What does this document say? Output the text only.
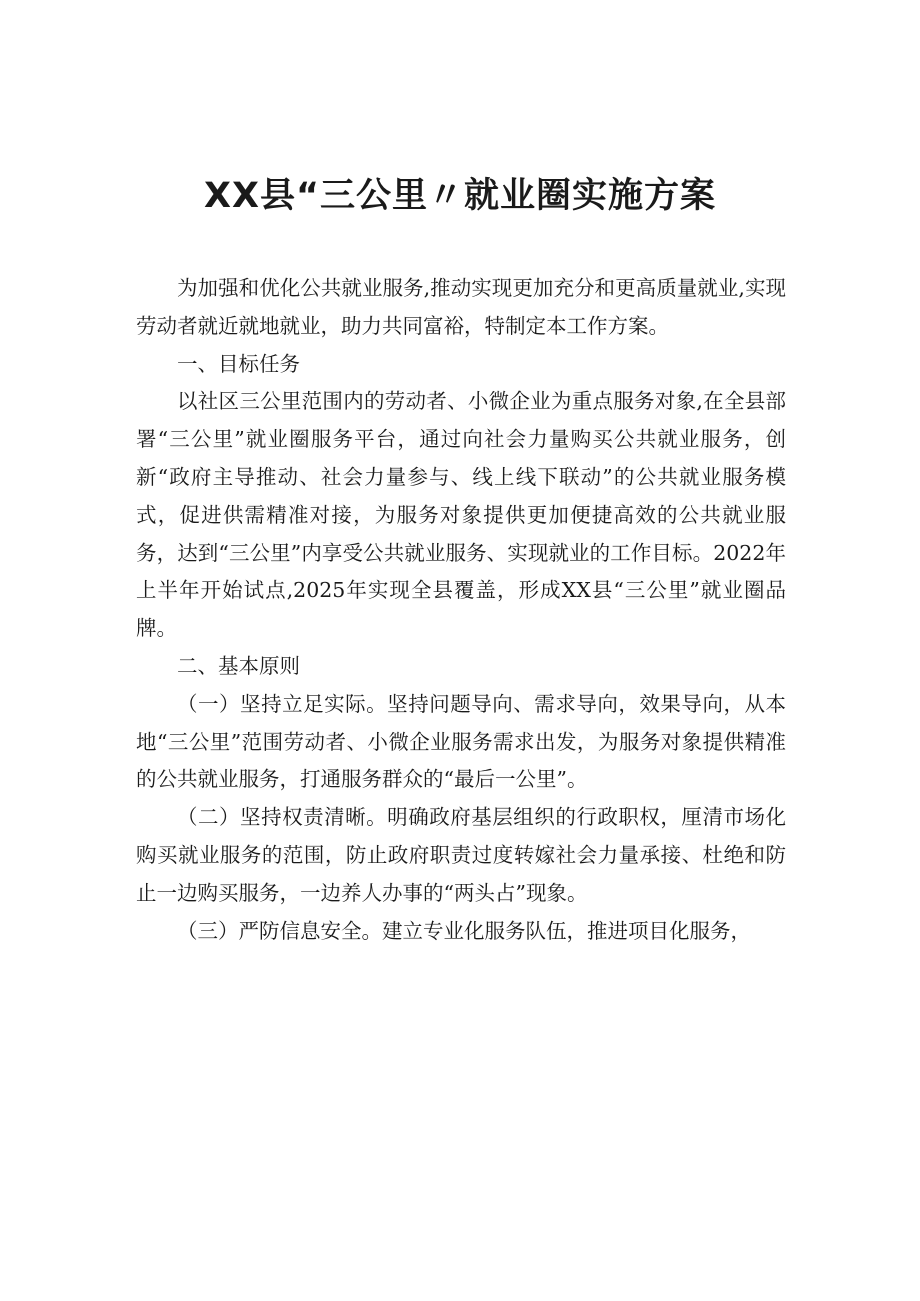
XX县“三公里〃就业圈实施方案

为加强和优化公共就业服务,推动实现更加充分和更高质量就业,实现劳动者就近就地就业，助力共同富裕，特制定本工作方案。

一、目标任务

以社区三公里范围内的劳动者、小微企业为重点服务对象,在全县部署“三公里”就业圈服务平台，通过向社会力量购买公共就业服务，创新“政府主导推动、社会力量参与、线上线下联动”的公共就业服务模式，促进供需精准对接，为服务对象提供更加便捷高效的公共就业服务，达到“三公里”内享受公共就业服务、实现就业的工作目标。2022年上半年开始试点,2025年实现全县覆盖，形成XX县“三公里”就业圈品牌。

二、基本原则

（一）坚持立足实际。坚持问题导向、需求导向，效果导向，从本地“三公里”范围劳动者、小微企业服务需求出发，为服务对象提供精准的公共就业服务，打通服务群众的“最后一公里”。

（二）坚持权责清晰。明确政府基层组织的行政职权，厘清市场化购买就业服务的范围，防止政府职责过度转嫁社会力量承接、杜绝和防止一边购买服务，一边养人办事的“两头占”现象。

（三）严防信息安全。建立专业化服务队伍，推进项目化服务，
